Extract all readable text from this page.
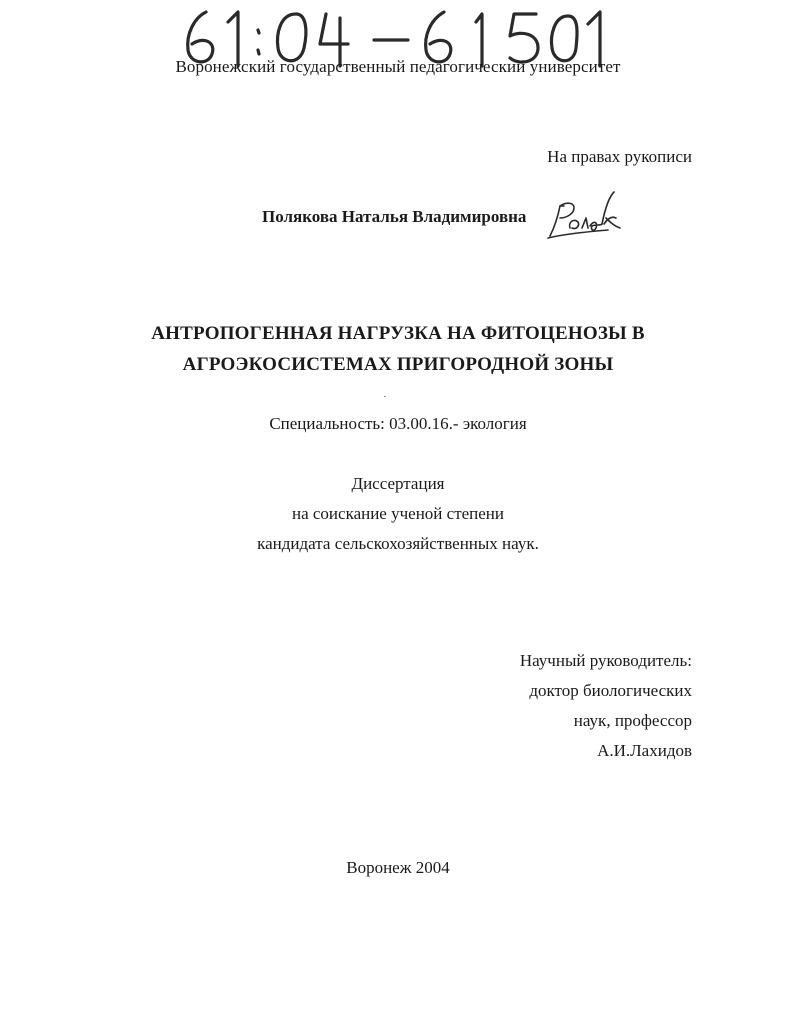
Воронежский государственный педагогический университет
На правах рукописи
Полякова Наталья Владимировна
АНТРОПОГЕННАЯ НАГРУЗКА НА ФИТОЦЕНОЗЫ В
АГРОЭКОСИСТЕМАХ ПРИГОРОДНОЙ ЗОНЫ
Специальность: 03.00.16.- экология
Диссертация
на соискание ученой степени
кандидата сельскохозяйственных наук.
Научный руководитель:
доктор биологических
наук, профессор
А.И.Лахидов
Воронеж 2004
